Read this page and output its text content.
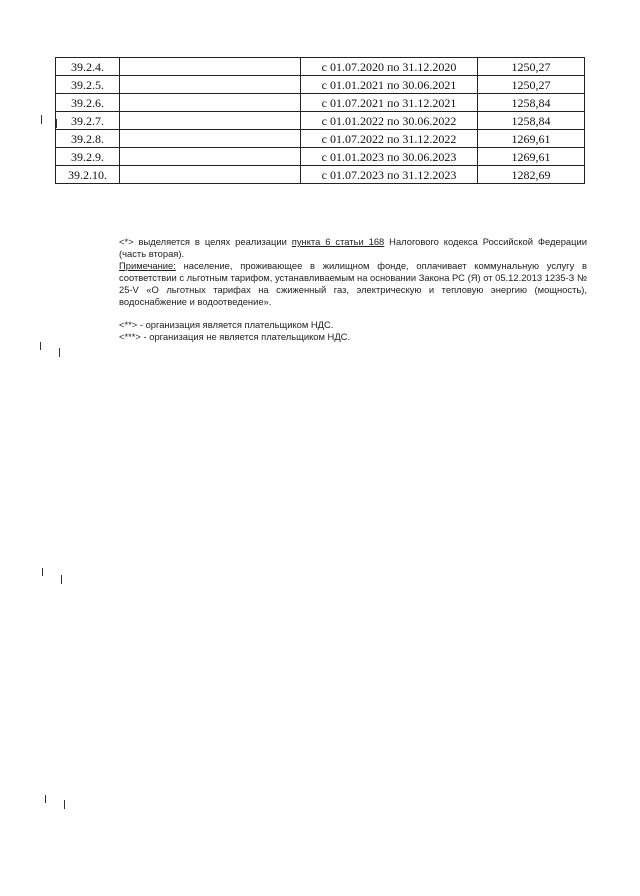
39.2.4.		с 01.07.2020 по 31.12.2020	1250,27
39.2.5.		с 01.01.2021 по 30.06.2021	1250,27
39.2.6.		с 01.07.2021 по 31.12.2021	1258,84
39.2.7.		с 01.01.2022 по 30.06.2022	1258,84
39.2.8.		с 01.07.2022 по 31.12.2022	1269,61
39.2.9.		с 01.01.2023 по 30.06.2023	1269,61
39.2.10.		с 01.07.2023 по 31.12.2023	1282,69

<*> выделяется в целях реализации пункта 6 статьи 168 Налогового кодекса Российской Федерации (часть вторая).

Примечание: население, проживающее в жилищном фонде, оплачивает коммунальную услугу в соответствии с льготным тарифом, устанавливаемым на основании Закона РС (Я) от 05.12.2013 1235-З № 25-V «О льготных тарифах на сжиженный газ, электрическую и тепловую энергию (мощность), водоснабжение и водоотведение».

<**> - организация является плательщиком НДС.

<***> - организация не является плательщиком НДС.
